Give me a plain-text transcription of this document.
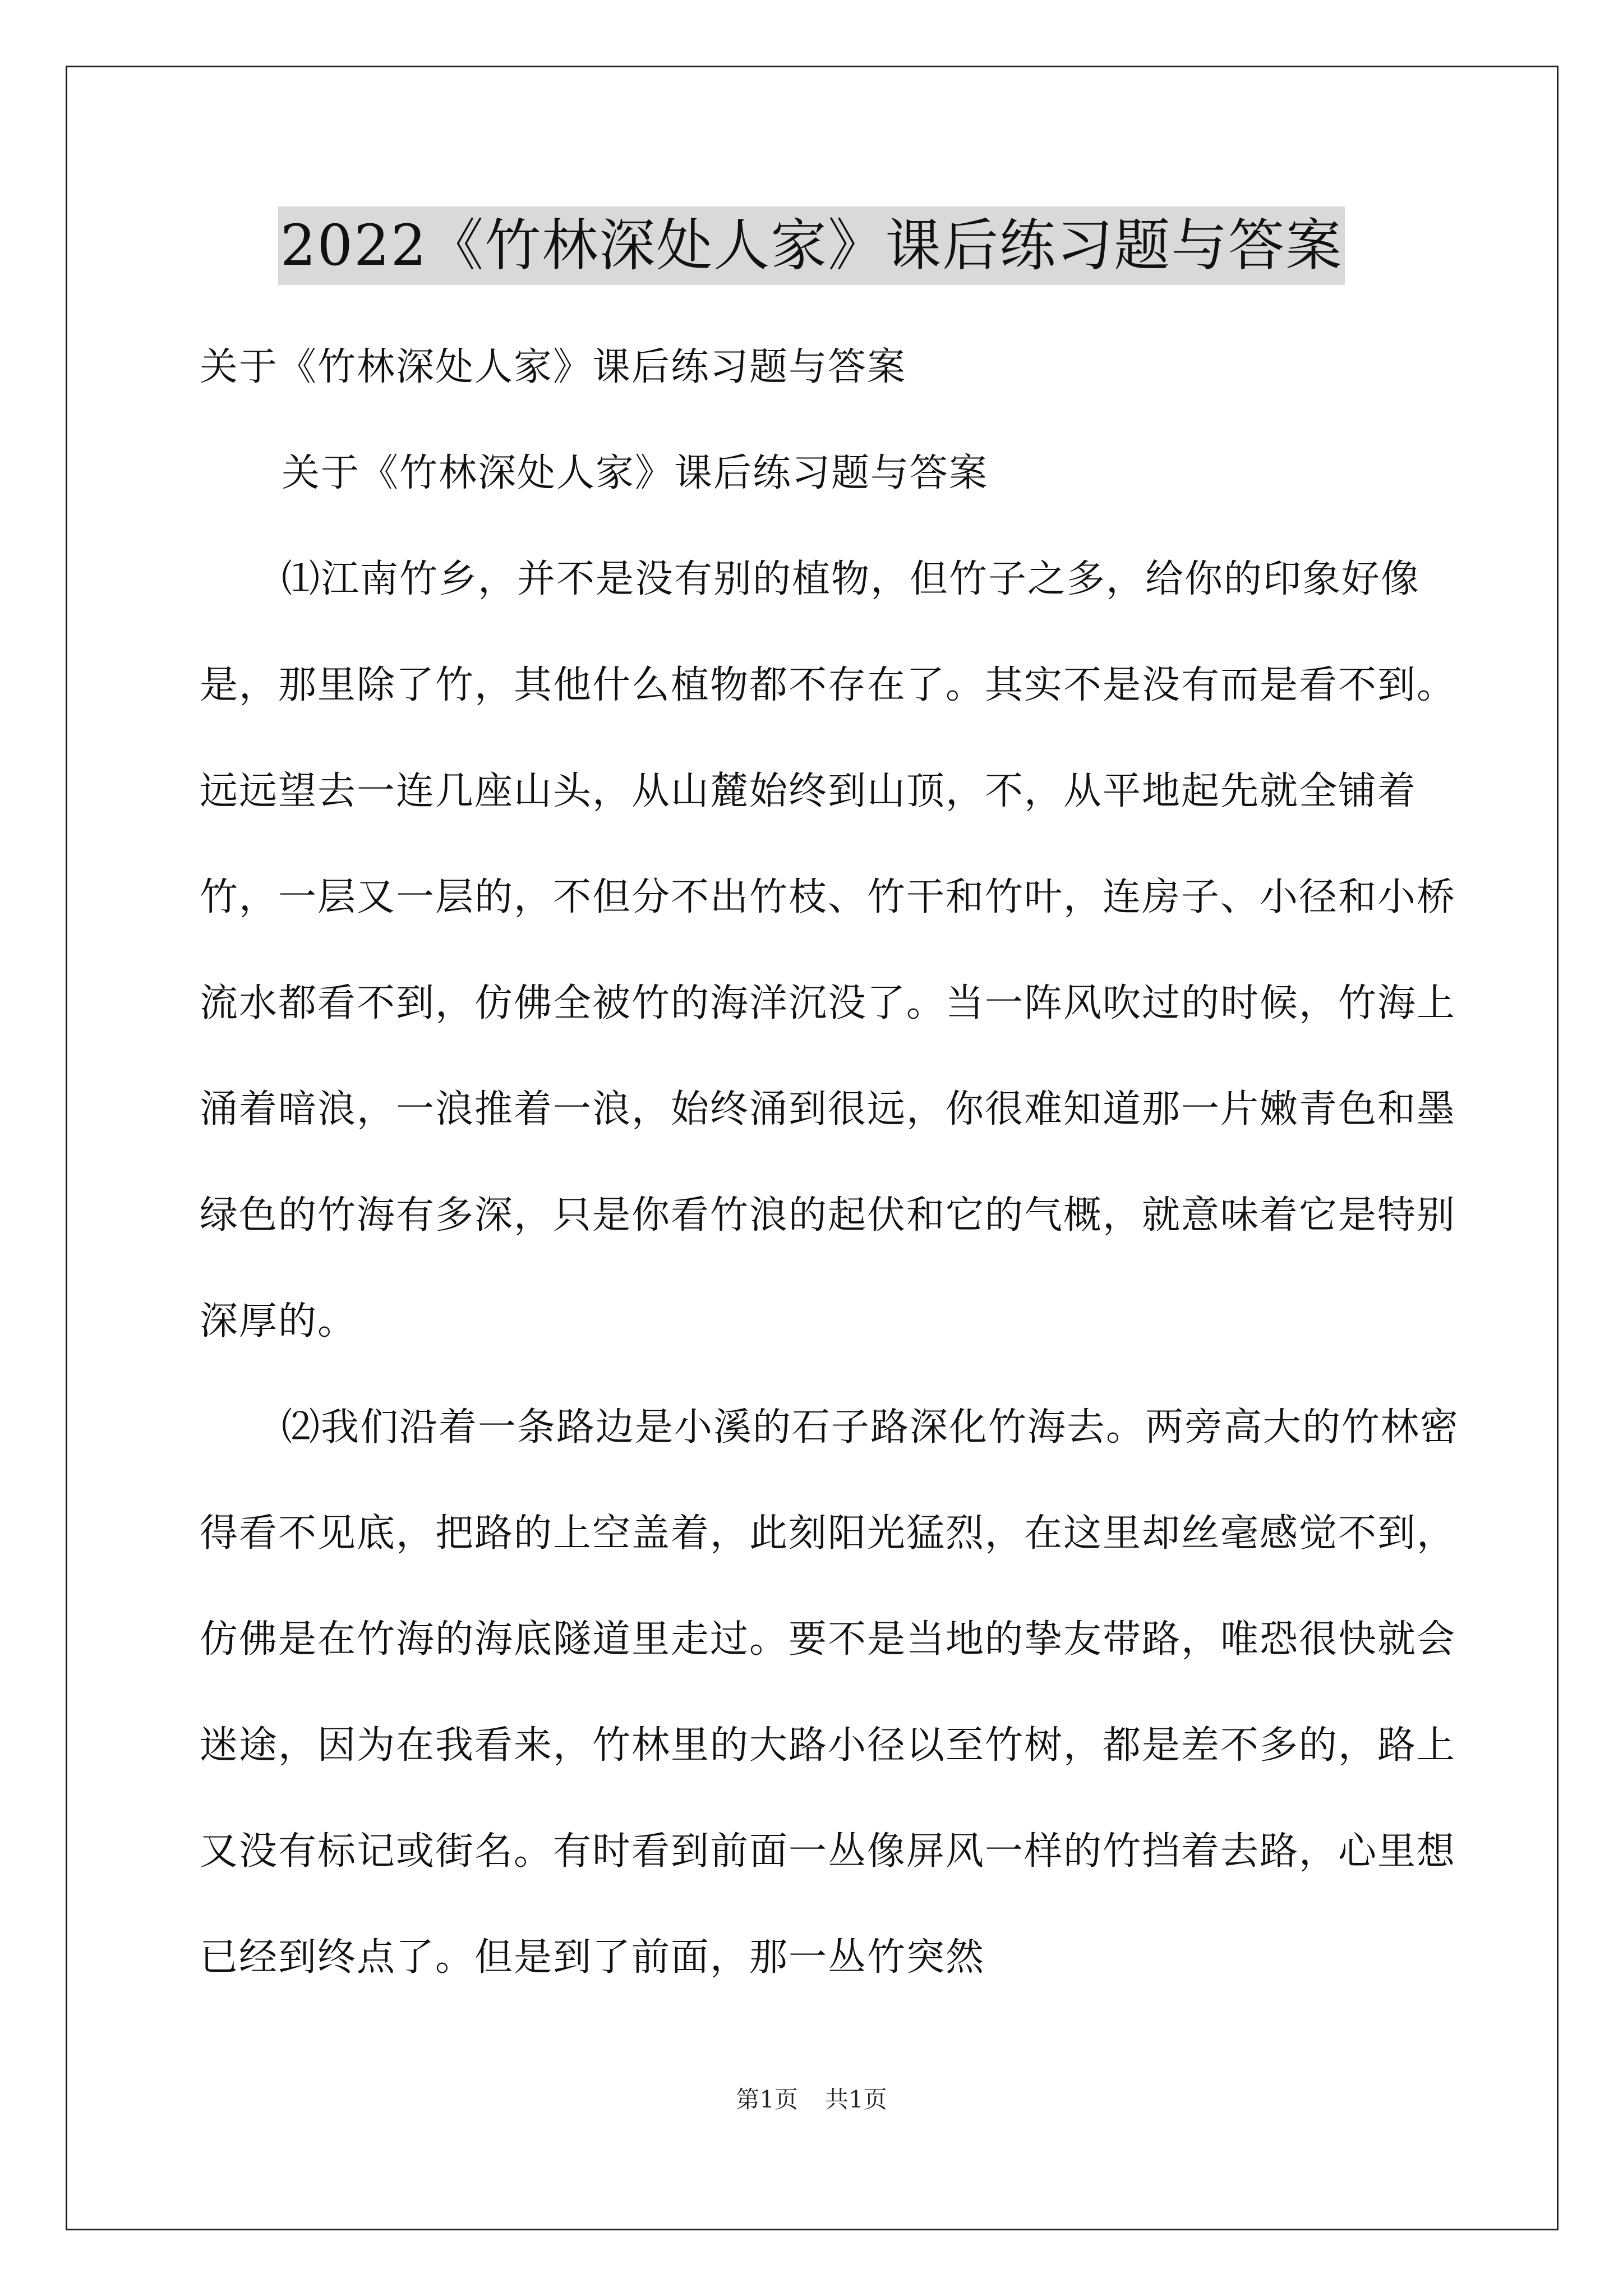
2022《竹林深处人家》课后练习题与答案

关于《竹林深处人家》课后练习题与答案

关于《竹林深处人家》课后练习题与答案

⑴江南竹乡，并不是没有别的植物，但竹子之多，给你的印象好像是，那里除了竹，其他什么植物都不存在了。其实不是没有而是看不到。远远望去一连几座山头，从山麓始终到山顶，不，从平地起先就全铺着竹，一层又一层的，不但分不出竹枝、竹干和竹叶，连房子、小径和小桥流水都看不到，仿佛全被竹的海洋沉没了。当一阵风吹过的时候，竹海上涌着暗浪，一浪推着一浪，始终涌到很远，你很难知道那一片嫩青色和墨绿色的竹海有多深，只是你看竹浪的起伏和它的气概，就意味着它是特别深厚的。

⑵我们沿着一条路边是小溪的石子路深化竹海去。两旁高大的竹林密得看不见底，把路的上空盖着，此刻阳光猛烈，在这里却丝毫感觉不到，仿佛是在竹海的海底隧道里走过。要不是当地的挚友带路，唯恐很快就会迷途，因为在我看来，竹林里的大路小径以至竹树，都是差不多的，路上又没有标记或街名。有时看到前面一丛像屏风一样的竹挡着去路，心里想已经到终点了。但是到了前面，那一丛竹突然

第1页 共1页
